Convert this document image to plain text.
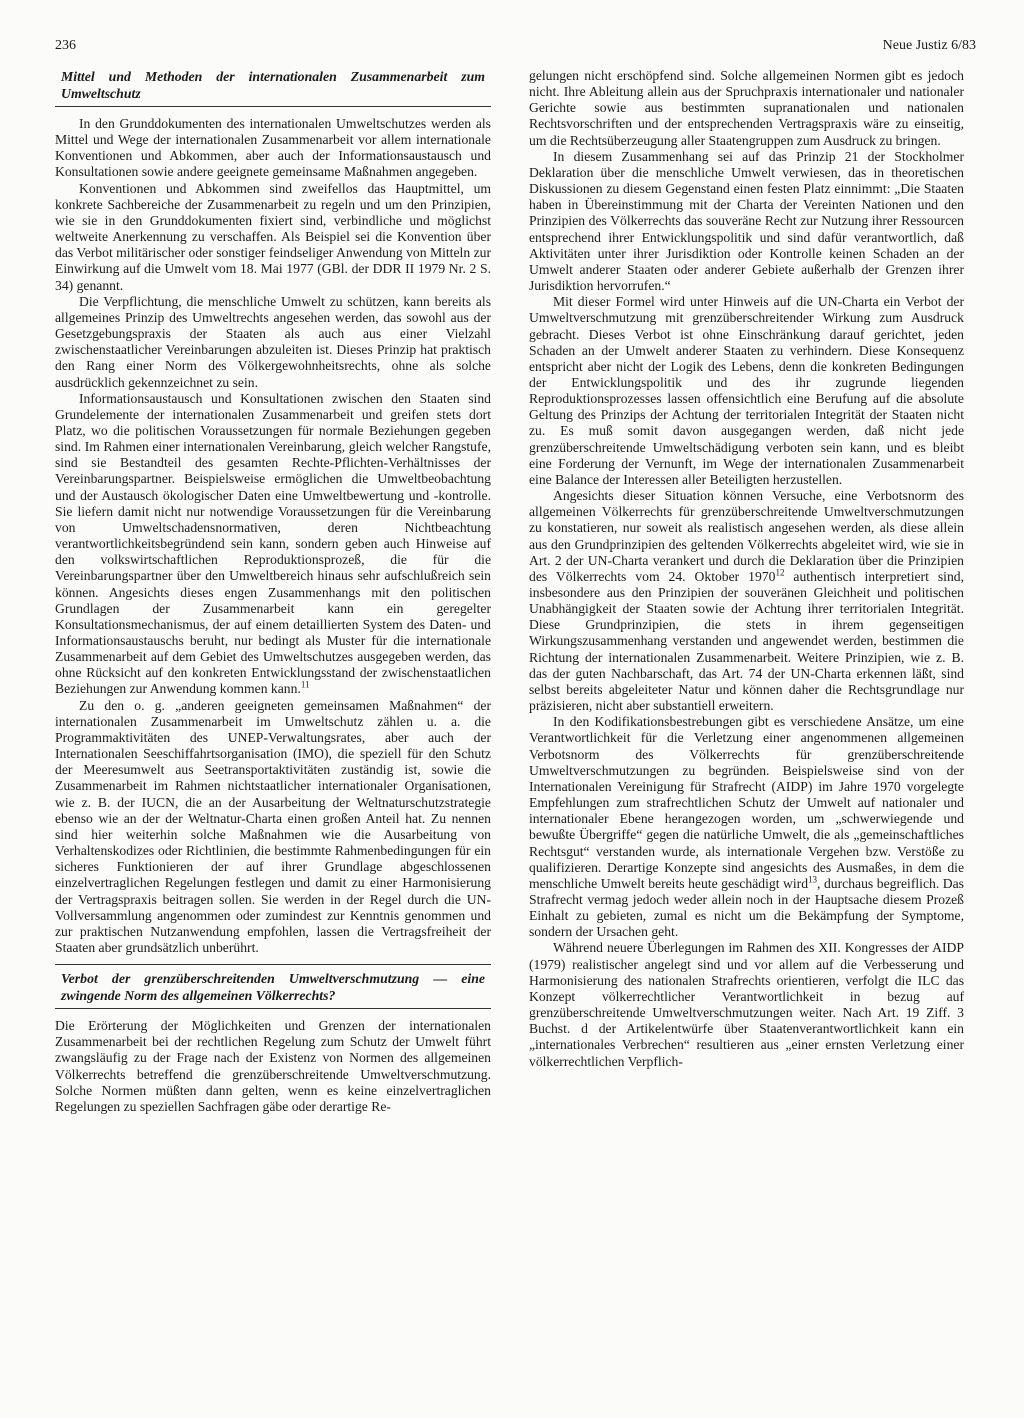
236	Neue Justiz 6/83
Mittel und Methoden der internationalen Zusammenarbeit zum Umweltschutz

In den Grunddokumenten des internationalen Umweltschutzes werden als Mittel und Wege der internationalen Zusammenarbeit vor allem internationale Konventionen und Abkommen, aber auch der Informationsaustausch und Konsultationen sowie andere geeignete gemeinsame Maßnahmen angegeben.

Konventionen und Abkommen sind zweifellos das Hauptmittel, um konkrete Sachbereiche der Zusammenarbeit zu regeln und um den Prinzipien, wie sie in den Grunddokumenten fixiert sind, verbindliche und möglichst weltweite Anerkennung zu verschaffen. Als Beispiel sei die Konvention über das Verbot militärischer oder sonstiger feindseliger Anwendung von Mitteln zur Einwirkung auf die Umwelt vom 18. Mai 1977 (GBl. der DDR II 1979 Nr. 2 S. 34) genannt.

Die Verpflichtung, die menschliche Umwelt zu schützen, kann bereits als allgemeines Prinzip des Umweltrechts angesehen werden, das sowohl aus der Gesetzgebungspraxis der Staaten als auch aus einer Vielzahl zwischenstaatlicher Vereinbarungen abzuleiten ist. Dieses Prinzip hat praktisch den Rang einer Norm des Völkergewohnheitsrechts, ohne als solche ausdrücklich gekennzeichnet zu sein.

Informationsaustausch und Konsultationen zwischen den Staaten sind Grundelemente der internationalen Zusammenarbeit und greifen stets dort Platz, wo die politischen Voraussetzungen für normale Beziehungen gegeben sind. Im Rahmen einer internationalen Vereinbarung, gleich welcher Rangstufe, sind sie Bestandteil des gesamten Rechte-Pflichten-Verhältnisses der Vereinbarungspartner. Beispielsweise ermöglichen die Umweltbeobachtung und der Austausch ökologischer Daten eine Umweltbewertung und -kontrolle. Sie liefern damit nicht nur notwendige Voraussetzungen für die Vereinbarung von Umweltschadensnormativen, deren Nichtbeachtung verantwortlichkeitsbegründend sein kann, sondern geben auch Hinweise auf den volkswirtschaftlichen Reproduktionsprozeß, die für die Vereinbarungspartner über den Umweltbereich hinaus sehr aufschlußreich sein können. Angesichts dieses engen Zusammenhangs mit den politischen Grundlagen der Zusammenarbeit kann ein geregelter Konsultationsmechanismus, der auf einem detaillierten System des Daten- und Informationsaustauschs beruht, nur bedingt als Muster für die internationale Zusammenarbeit auf dem Gebiet des Umweltschutzes ausgegeben werden, das ohne Rücksicht auf den konkreten Entwicklungsstand der zwischenstaatlichen Beziehungen zur Anwendung kommen kann.$^{11}$

Zu den o. g. „anderen geeigneten gemeinsamen Maßnahmen“ der internationalen Zusammenarbeit im Umweltschutz zählen u. a. die Programmaktivitäten des UNEP-Verwaltungsrates, aber auch der Internationalen Seeschiffahrtsorganisation (IMO), die speziell für den Schutz der Meeresumwelt aus Seetransportaktivitäten zuständig ist, sowie die Zusammenarbeit im Rahmen nichtstaatlicher internationaler Organisationen, wie z. B. der IUCN, die an der Ausarbeitung der Weltnaturschutzstrategie ebenso wie an der der Weltnatur-Charta einen großen Anteil hat. Zu nennen sind hier weiterhin solche Maßnahmen wie die Ausarbeitung von Verhaltenskodizes oder Richtlinien, die bestimmte Rahmenbedingungen für ein sicheres Funktionieren der auf ihrer Grundlage abgeschlossenen einzelvertraglichen Regelungen festlegen und damit zu einer Harmonisierung der Vertragspraxis beitragen sollen. Sie werden in der Regel durch die UN-Vollversammlung angenommen oder zumindest zur Kenntnis genommen und zur praktischen Nutzanwendung empfohlen, lassen die Vertragsfreiheit der Staaten aber grundsätzlich unberührt.

Verbot der grenzüberschreitenden Umweltverschmutzung — eine zwingende Norm des allgemeinen Völkerrechts?

Die Erörterung der Möglichkeiten und Grenzen der internationalen Zusammenarbeit bei der rechtlichen Regelung zum Schutz der Umwelt führt zwangsläufig zu der Frage nach der Existenz von Normen des allgemeinen Völkerrechts betreffend die grenzüberschreitende Umweltverschmutzung. Solche Normen müßten dann gelten, wenn es keine einzelvertraglichen Regelungen zu speziellen Sachfragen gäbe oder derartige Re-

gelungen nicht erschöpfend sind. Solche allgemeinen Normen gibt es jedoch nicht. Ihre Ableitung allein aus der Spruchpraxis internationaler und nationaler Gerichte sowie aus bestimmten supranationalen und nationalen Rechtsvorschriften und der entsprechenden Vertragspraxis wäre zu einseitig, um die Rechtsüberzeugung aller Staatengruppen zum Ausdruck zu bringen.

In diesem Zusammenhang sei auf das Prinzip 21 der Stockholmer Deklaration über die menschliche Umwelt verwiesen, das in theoretischen Diskussionen zu diesem Gegenstand einen festen Platz einnimmt: „Die Staaten haben in Übereinstimmung mit der Charta der Vereinten Nationen und den Prinzipien des Völkerrechts das souveräne Recht zur Nutzung ihrer Ressourcen entsprechend ihrer Entwicklungspolitik und sind dafür verantwortlich, daß Aktivitäten unter ihrer Jurisdiktion oder Kontrolle keinen Schaden an der Umwelt anderer Staaten oder anderer Gebiete außerhalb der Grenzen ihrer Jurisdiktion hervorrufen.“

Mit dieser Formel wird unter Hinweis auf die UN-Charta ein Verbot der Umweltverschmutzung mit grenzüberschreitender Wirkung zum Ausdruck gebracht. Dieses Verbot ist ohne Einschränkung darauf gerichtet, jeden Schaden an der Umwelt anderer Staaten zu verhindern. Diese Konsequenz entspricht aber nicht der Logik des Lebens, denn die konkreten Bedingungen der Entwicklungspolitik und des ihr zugrunde liegenden Reproduktionsprozesses lassen offensichtlich eine Berufung auf die absolute Geltung des Prinzips der Achtung der territorialen Integrität der Staaten nicht zu. Es muß somit davon ausgegangen werden, daß nicht jede grenzüberschreitende Umweltschädigung verboten sein kann, und es bleibt eine Forderung der Vernunft, im Wege der internationalen Zusammenarbeit eine Balance der Interessen aller Beteiligten herzustellen.

Angesichts dieser Situation können Versuche, eine Verbotsnorm des allgemeinen Völkerrechts für grenzüberschreitende Umweltverschmutzungen zu konstatieren, nur soweit als realistisch angesehen werden, als diese allein aus den Grundprinzipien des geltenden Völkerrechts abgeleitet wird, wie sie in Art. 2 der UN-Charta verankert und durch die Deklaration über die Prinzipien des Völkerrechts vom 24. Oktober 1970$^{12}$ authentisch interpretiert sind, insbesondere aus den Prinzipien der souveränen Gleichheit und politischen Unabhängigkeit der Staaten sowie der Achtung ihrer territorialen Integrität. Diese Grundprinzipien, die stets in ihrem gegenseitigen Wirkungszusammenhang verstanden und angewendet werden, bestimmen die Richtung der internationalen Zusammenarbeit. Weitere Prinzipien, wie z. B. das der guten Nachbarschaft, das Art. 74 der UN-Charta erkennen läßt, sind selbst bereits abgeleiteter Natur und können daher die Rechtsgrundlage nur präzisieren, nicht aber substantiell erweitern.

In den Kodifikationsbestrebungen gibt es verschiedene Ansätze, um eine Verantwortlichkeit für die Verletzung einer angenommenen allgemeinen Verbotsnorm des Völkerrechts für grenzüberschreitende Umweltverschmutzungen zu begründen. Beispielsweise sind von der Internationalen Vereinigung für Strafrecht (AIDP) im Jahre 1970 vorgelegte Empfehlungen zum strafrechtlichen Schutz der Umwelt auf nationaler und internationaler Ebene herangezogen worden, um „schwerwiegende und bewußte Übergriffe“ gegen die natürliche Umwelt, die als „gemeinschaftliches Rechtsgut“ verstanden wurde, als internationale Vergehen bzw. Verstöße zu qualifizieren. Derartige Konzepte sind angesichts des Ausmaßes, in dem die menschliche Umwelt bereits heute geschädigt wird$^{13}$, durchaus begreiflich. Das Strafrecht vermag jedoch weder allein noch in der Hauptsache diesem Prozeß Einhalt zu gebieten, zumal es nicht um die Bekämpfung der Symptome, sondern der Ursachen geht.

Während neuere Überlegungen im Rahmen des XII. Kongresses der AIDP (1979) realistischer angelegt sind und vor allem auf die Verbesserung und Harmonisierung des nationalen Strafrechts orientieren, verfolgt die ILC das Konzept völkerrechtlicher Verantwortlichkeit in bezug auf grenzüberschreitende Umweltverschmutzungen weiter. Nach Art. 19 Ziff. 3 Buchst. d der Artikelentwürfe über Staatenverantwortlichkeit kann ein „internationales Verbrechen“ resultieren aus „einer ernsten Verletzung einer völkerrechtlichen Verpflich-
